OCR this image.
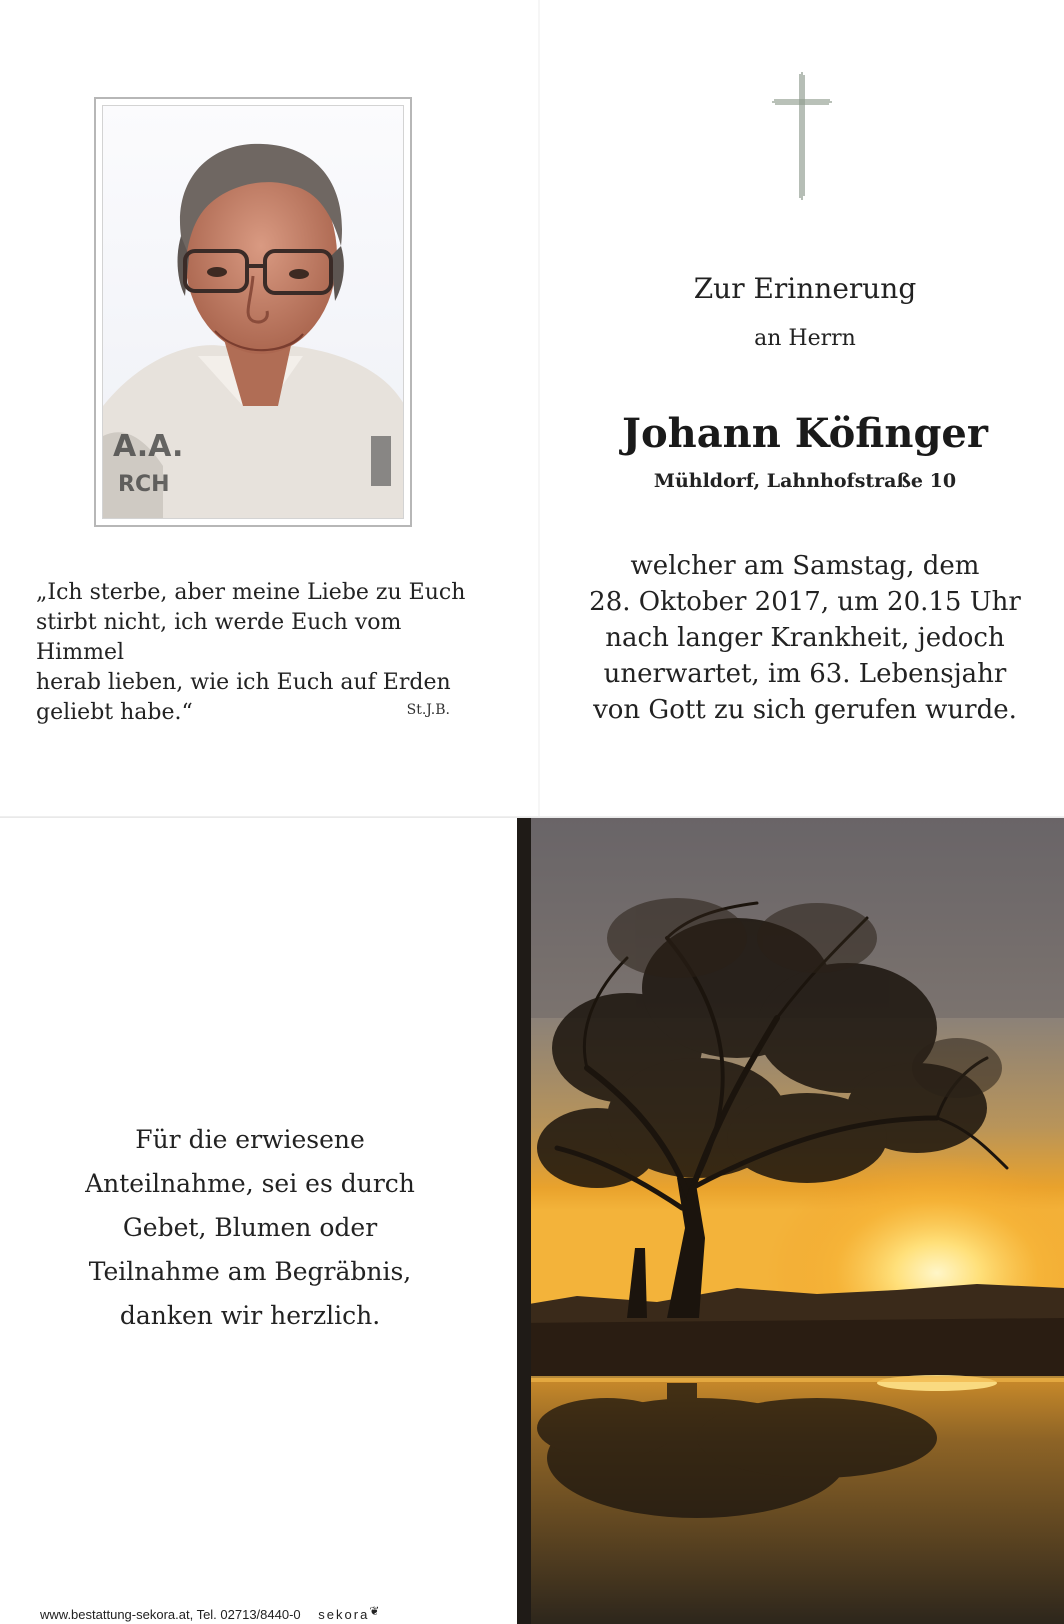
A.A.
RCH
„Ich sterbe, aber meine Liebe zu Euch
stirbt nicht, ich werde Euch vom Himmel
herab lieben, wie ich Euch auf Erden
geliebt habe.“	St.J.B.
Zur Erinnerung
an Herrn
Johann Köfinger
Mühldorf, Lahnhofstraße 10
welcher am Samstag, dem
28. Oktober 2017, um 20.15 Uhr
nach langer Krankheit, jedoch
unerwartet, im 63. Lebensjahr
von Gott zu sich gerufen wurde.
Für die erwiesene
Anteilnahme, sei es durch
Gebet, Blumen oder
Teilnahme am Begräbnis,
danken wir herzlich.
www.bestattung-sekora.at, Tel. 02713/8440-0 sekora❦
